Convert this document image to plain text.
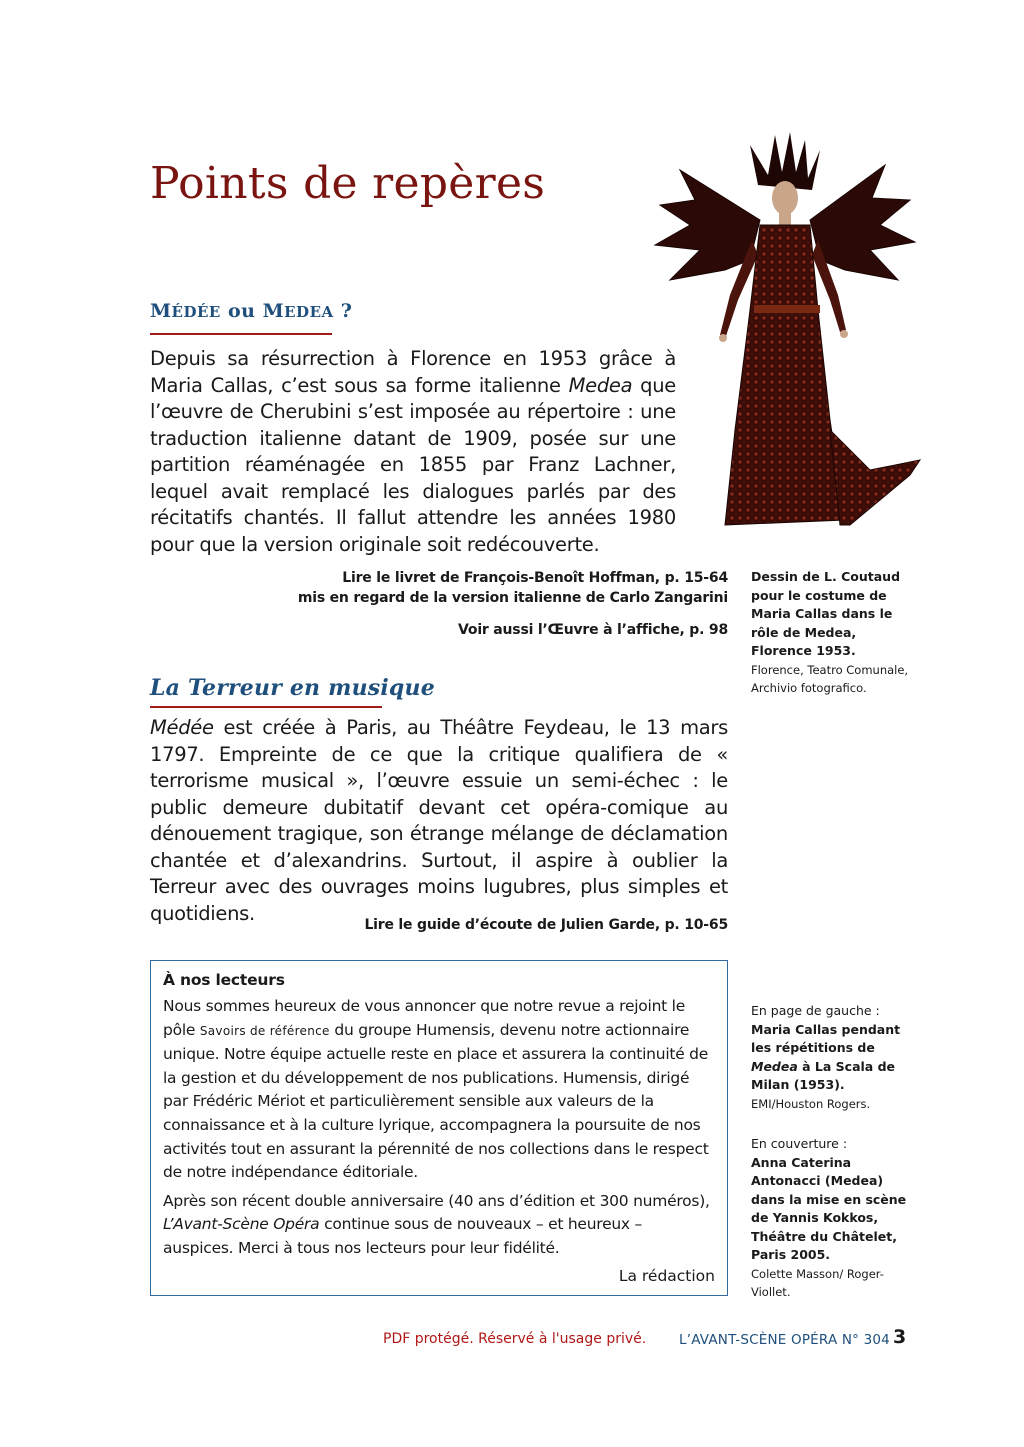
Points de repères
MÉDÉE ou MEDEA ?

Depuis sa résurrection à Florence en 1953 grâce à Maria Callas, c’est sous sa forme italienne Medea que l’œuvre de Cherubini s’est imposée au répertoire : une traduction italienne datant de 1909, posée sur une partition réaménagée en 1855 par Franz Lachner, lequel avait remplacé les dialogues parlés par des récitatifs chantés. Il fallut attendre les années 1980 pour que la version originale soit redécouverte.

Lire le livret de François-Benoît Hoffman, p. 15-64

mis en regard de la version italienne de Carlo Zangarini

Voir aussi l’Œuvre à l’affiche, p. 98

Dessin de L. Coutaud pour le costume de Maria Callas dans le rôle de Medea, Florence 1953.
Florence, Teatro Comunale, Archivio fotografico.

La Terreur en musique

Médée est créée à Paris, au Théâtre Feydeau, le 13 mars 1797. Empreinte de ce que la critique qualifiera de « terrorisme musical », l’œuvre essuie un semi-échec : le public demeure dubitatif devant cet opéra-comique au dénouement tragique, son étrange mélange de déclamation chantée et d’alexandrins. Surtout, il aspire à oublier la Terreur avec des ouvrages moins lugubres, plus simples et quotidiens.

Lire le guide d’écoute de Julien Garde, p. 10-65

À nos lecteurs

Nous sommes heureux de vous annoncer que notre revue a rejoint le pôle Savoirs de référence du groupe Humensis, devenu notre actionnaire unique. Notre équipe actuelle reste en place et assurera la continuité de la gestion et du développement de nos publications. Humensis, dirigé par Frédéric Mériot et particulièrement sensible aux valeurs de la connaissance et à la culture lyrique, accompagnera la poursuite de nos activités tout en assurant la pérennité de nos collections dans le respect de notre indépendance éditoriale.

Après son récent double anniversaire (40 ans d’édition et 300 numéros), L’Avant-Scène Opéra continue sous de nouveaux – et heureux – auspices. Merci à tous nos lecteurs pour leur fidélité.

La rédaction

En page de gauche :
Maria Callas pendant les répétitions de Medea à La Scala de Milan (1953).
EMI/Houston Rogers.

En couverture :
Anna Caterina Antonacci (Medea) dans la mise en scène de Yannis Kokkos, Théâtre du Châtelet, Paris 2005.
Colette Masson/ Roger-Viollet.

PDF protégé. Réservé à l'usage privé. L’AVANT-SCÈNE OPÉRA N° 304 3
